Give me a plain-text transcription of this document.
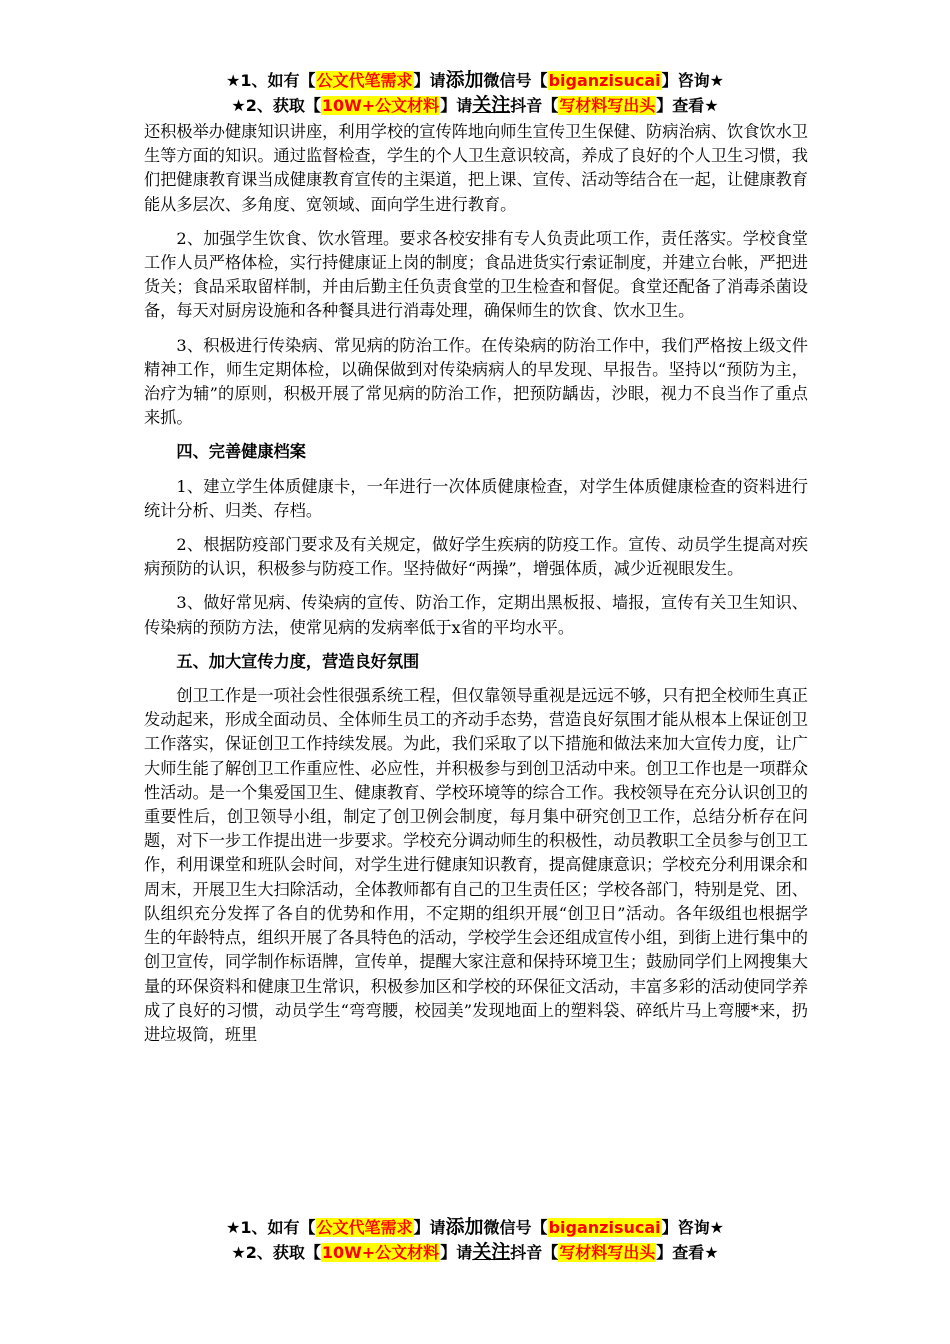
★1、如有【公文代笔需求】请添加微信号【biganzisucai】咨询★
★2、获取【10W+公文材料】请关注抖音【写材料写出头】查看★

还积极举办健康知识讲座，利用学校的宣传阵地向师生宣传卫生保健、防病治病、饮食饮水卫生等方面的知识。通过监督检查，学生的个人卫生意识较高，养成了良好的个人卫生习惯，我们把健康教育课当成健康教育宣传的主渠道，把上课、宣传、活动等结合在一起，让健康教育能从多层次、多角度、宽领域、面向学生进行教育。

2、加强学生饮食、饮水管理。要求各校安排有专人负责此项工作，责任落实。学校食堂工作人员严格体检，实行持健康证上岗的制度；食品进货实行索证制度，并建立台帐，严把进货关；食品采取留样制，并由后勤主任负责食堂的卫生检查和督促。食堂还配备了消毒杀菌设备，每天对厨房设施和各种餐具进行消毒处理，确保师生的饮食、饮水卫生。

3、积极进行传染病、常见病的防治工作。在传染病的防治工作中，我们严格按上级文件精神工作，师生定期体检，以确保做到对传染病病人的早发现、早报告。坚持以“预防为主，治疗为辅”的原则，积极开展了常见病的防治工作，把预防龋齿，沙眼，视力不良当作了重点来抓。

四、完善健康档案

1、建立学生体质健康卡，一年进行一次体质健康检查，对学生体质健康检查的资料进行统计分析、归类、存档。

2、根据防疫部门要求及有关规定，做好学生疾病的防疫工作。宣传、动员学生提高对疾病预防的认识，积极参与防疫工作。坚持做好“两操”，增强体质，减少近视眼发生。

3、做好常见病、传染病的宣传、防治工作，定期出黑板报、墙报，宣传有关卫生知识、传染病的预防方法，使常见病的发病率低于x省的平均水平。

五、加大宣传力度，营造良好氛围

创卫工作是一项社会性很强系统工程，但仅靠领导重视是远远不够，只有把全校师生真正发动起来，形成全面动员、全体师生员工的齐动手态势，营造良好氛围才能从根本上保证创卫工作落实，保证创卫工作持续发展。为此，我们采取了以下措施和做法来加大宣传力度，让广大师生能了解创卫工作重应性、必应性，并积极参与到创卫活动中来。创卫工作也是一项群众性活动。是一个集爱国卫生、健康教育、学校环境等的综合工作。我校领导在充分认识创卫的重要性后，创卫领导小组，制定了创卫例会制度，每月集中研究创卫工作，总结分析存在问题，对下一步工作提出进一步要求。学校充分调动师生的积极性，动员教职工全员参与创卫工作，利用课堂和班队会时间，对学生进行健康知识教育，提高健康意识；学校充分利用课余和周末，开展卫生大扫除活动，全体教师都有自己的卫生责任区；学校各部门，特别是党、团、队组织充分发挥了各自的优势和作用，不定期的组织开展“创卫日”活动。各年级组也根据学生的年龄特点，组织开展了各具特色的活动，学校学生会还组成宣传小组，到街上进行集中的创卫宣传，同学制作标语牌，宣传单，提醒大家注意和保持环境卫生；鼓励同学们上网搜集大量的环保资料和健康卫生常识，积极参加区和学校的环保征文活动，丰富多彩的活动使同学养成了良好的习惯，动员学生“弯弯腰，校园美”发现地面上的塑料袋、碎纸片马上弯腰*来，扔进垃圾筒，班里

★1、如有【公文代笔需求】请添加微信号【biganzisucai】咨询★
★2、获取【10W+公文材料】请关注抖音【写材料写出头】查看★
